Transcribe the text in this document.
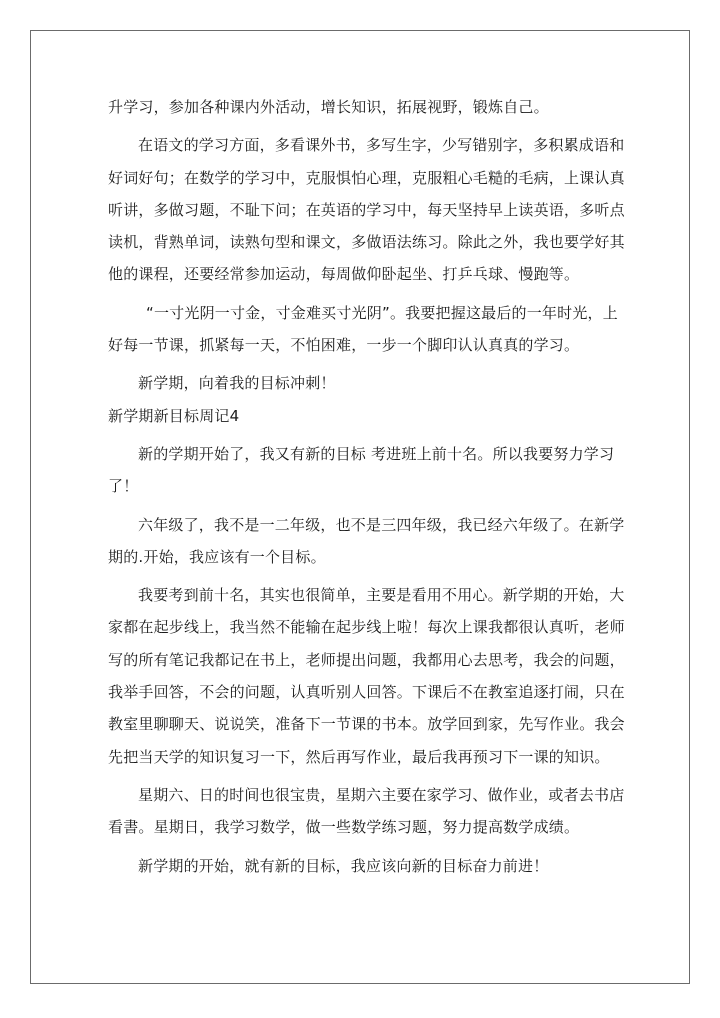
升学习，参加各种课内外活动，增长知识，拓展视野，锻炼自己。

在语文的学习方面，多看课外书，多写生字，少写错别字，多积累成语和好词好句；在数学的学习中，克服惧怕心理，克服粗心毛糙的毛病，上课认真听讲，多做习题，不耻下问；在英语的学习中，每天坚持早上读英语，多听点读机，背熟单词，读熟句型和课文，多做语法练习。除此之外，我也要学好其他的课程，还要经常参加运动，每周做仰卧起坐、打乒乓球、慢跑等。

“一寸光阴一寸金，寸金难买寸光阴”。我要把握这最后的一年时光，上好每一节课，抓紧每一天，不怕困难，一步一个脚印认认真真的学习。

新学期，向着我的目标冲刺！

新学期新目标周记4

新的学期开始了，我又有新的目标 考进班上前十名。所以我要努力学习了！

六年级了，我不是一二年级，也不是三四年级，我已经六年级了。在新学期的.开始，我应该有一个目标。

我要考到前十名，其实也很简单，主要是看用不用心。新学期的开始，大家都在起步线上，我当然不能输在起步线上啦！每次上课我都很认真听，老师写的所有笔记我都记在书上，老师提出问题，我都用心去思考，我会的问题，我举手回答，不会的问题，认真听别人回答。下课后不在教室追逐打闹，只在教室里聊聊天、说说笑，准备下一节课的书本。放学回到家，先写作业。我会先把当天学的知识复习一下，然后再写作业，最后我再预习下一课的知识。

星期六、日的时间也很宝贵，星期六主要在家学习、做作业，或者去书店看書。星期日，我学习数学，做一些数学练习题，努力提高数学成绩。

新学期的开始，就有新的目标，我应该向新的目标奋力前进！
